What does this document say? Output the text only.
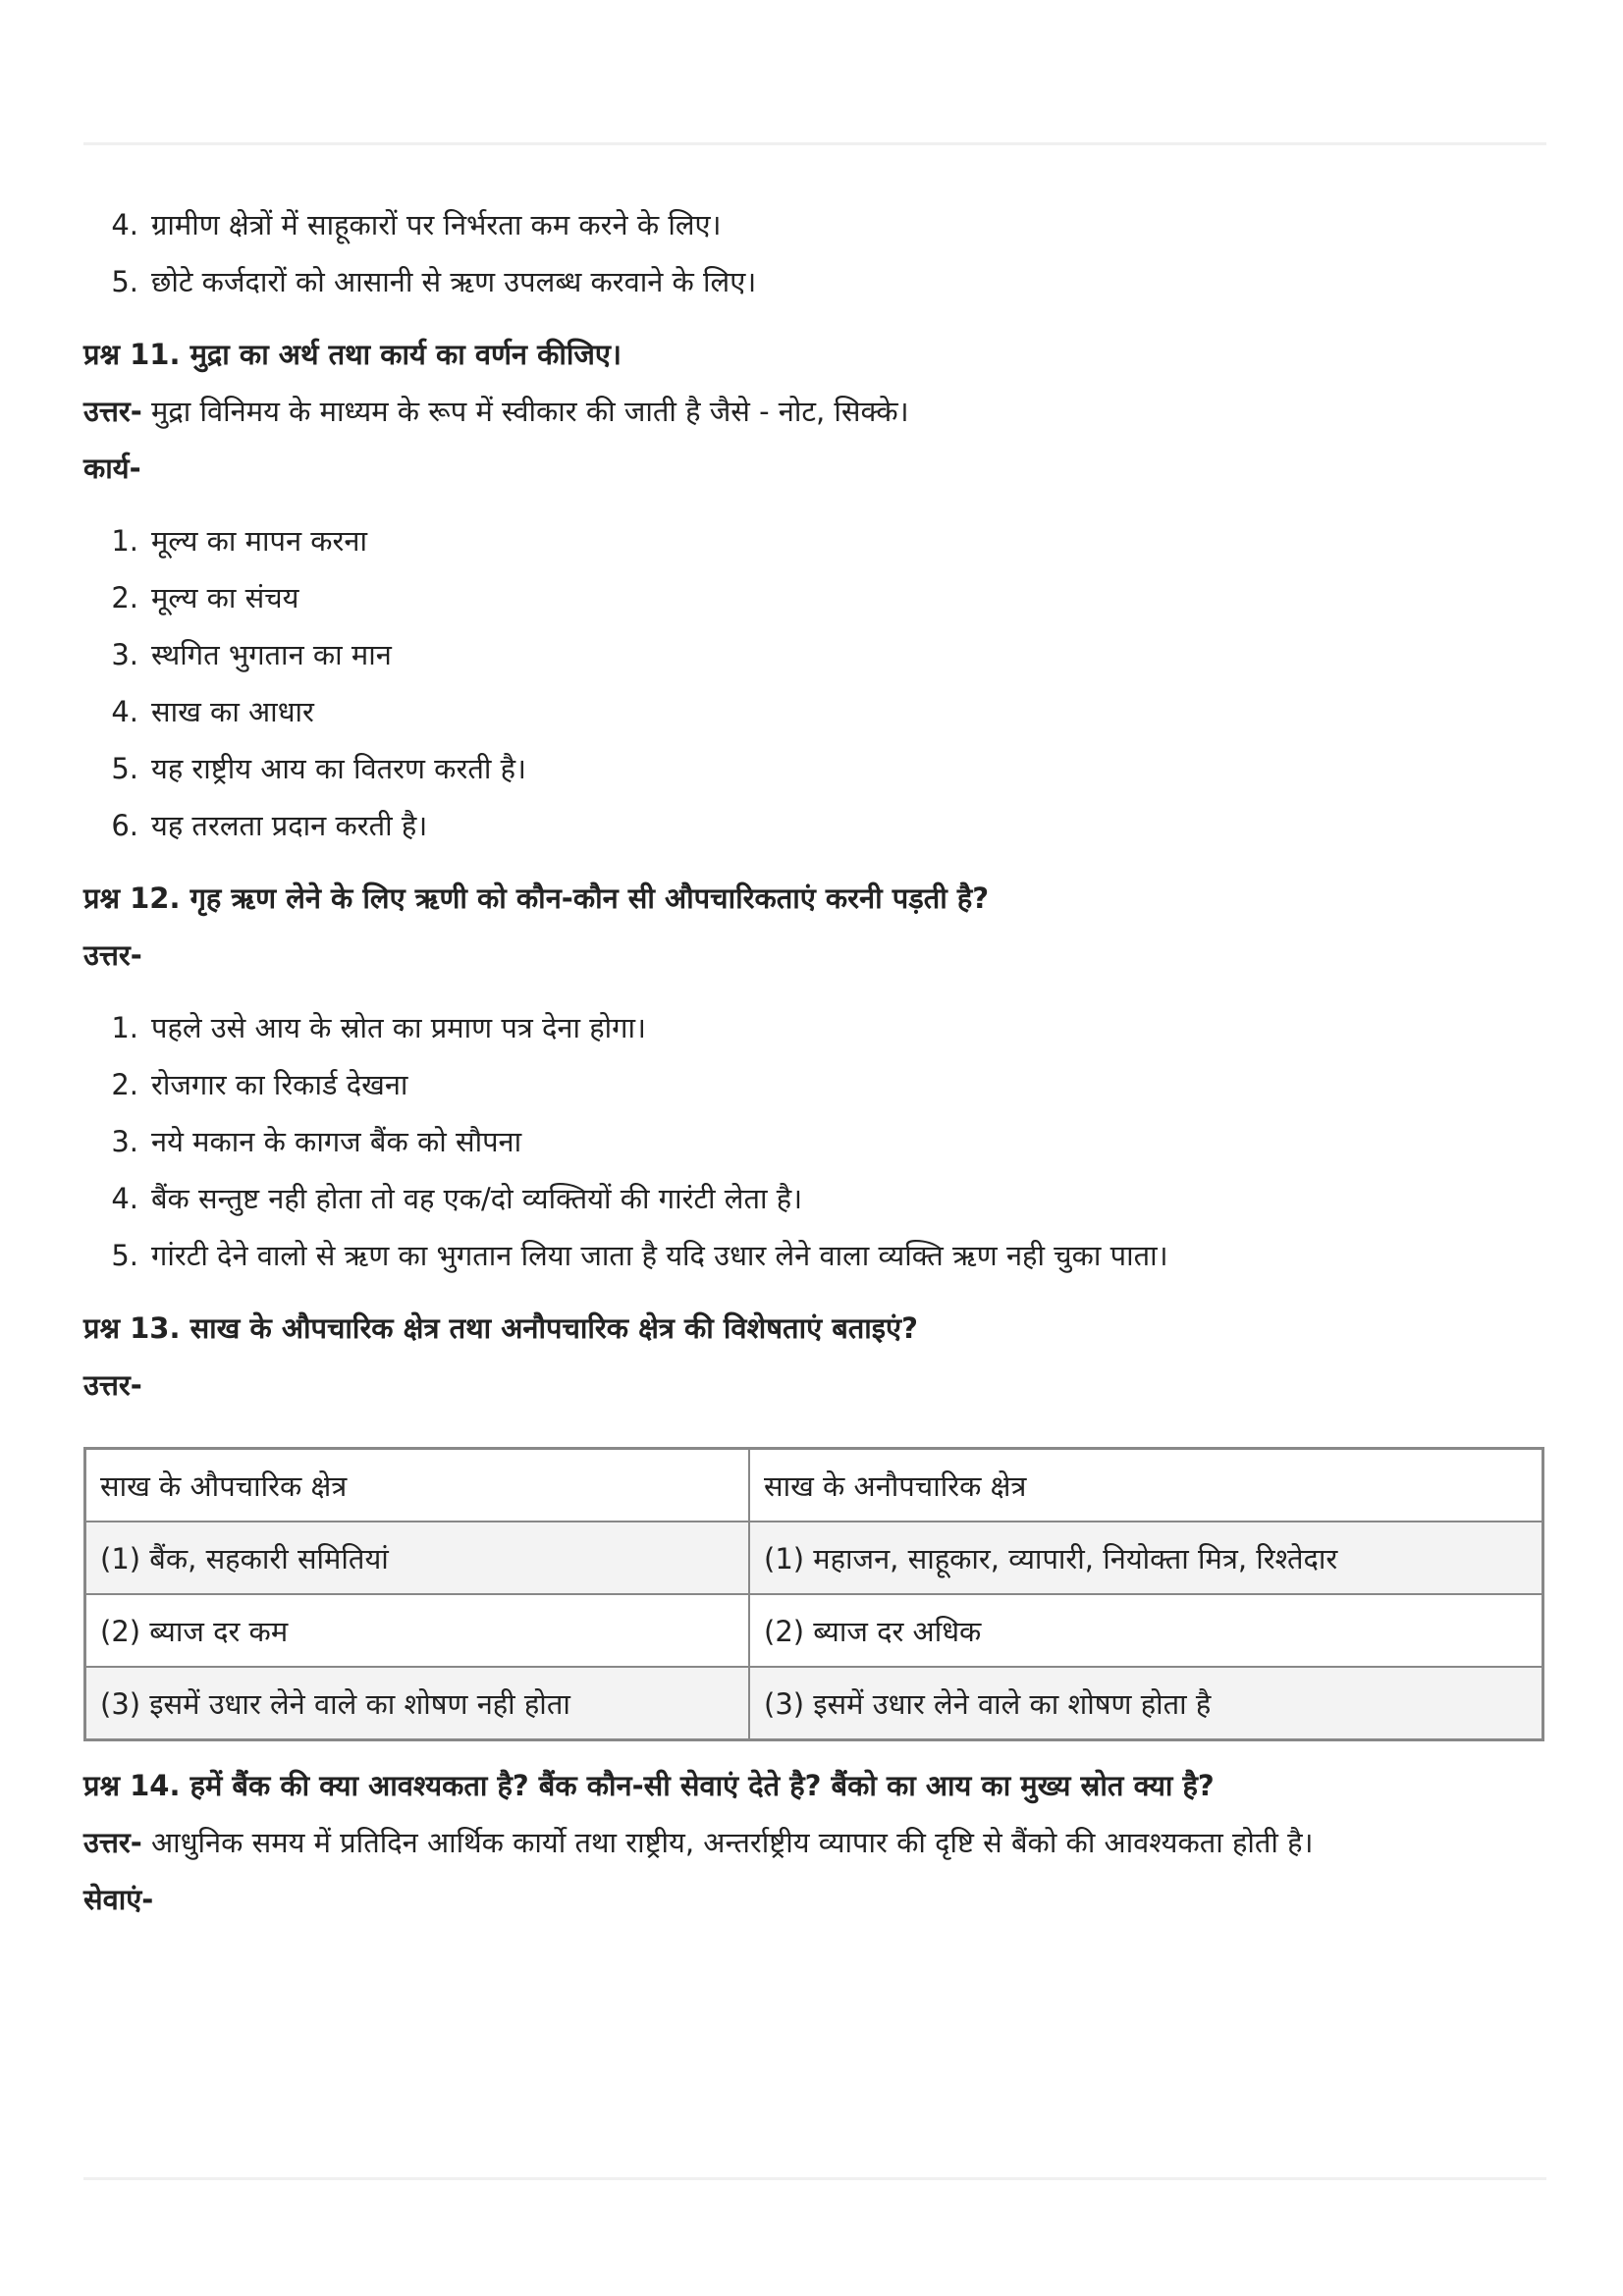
4. ग्रामीण क्षेत्रों में साहूकारों पर निर्भरता कम करने के लिए।
5. छोटे कर्जदारों को आसानी से ऋण उपलब्ध करवाने के लिए।
प्रश्न 11. मुद्रा का अर्थ तथा कार्य का वर्णन कीजिए।
उत्तर- मुद्रा विनिमय के माध्यम के रूप में स्वीकार की जाती है जैसे - नोट, सिक्के।
कार्य-
1. मूल्य का मापन करना
2. मूल्य का संचय
3. स्थगित भुगतान का मान
4. साख का आधार
5. यह राष्ट्रीय आय का वितरण करती है।
6. यह तरलता प्रदान करती है।
प्रश्न 12. गृह ऋण लेने के लिए ऋणी को कौन-कौन सी औपचारिकताएं करनी पड़ती है?
उत्तर-
1. पहले उसे आय के स्रोत का प्रमाण पत्र देना होगा।
2. रोजगार का रिकार्ड देखना
3. नये मकान के कागज बैंक को सौपना
4. बैंक सन्तुष्ट नही होता तो वह एक/दो व्यक्तियों की गारंटी लेता है।
5. गांरटी देने वालो से ऋण का भुगतान लिया जाता है यदि उधार लेने वाला व्यक्ति ऋण नही चुका पाता।
प्रश्न 13. साख के औपचारिक क्षेत्र तथा अनौपचारिक क्षेत्र की विशेषताएं बताइएं?
उत्तर-
साख के औपचारिक क्षेत्र	साख के अनौपचारिक क्षेत्र
(1) बैंक, सहकारी समितियां	(1) महाजन, साहूकार, व्यापारी, नियोक्ता मित्र, रिश्तेदार
(2) ब्याज दर कम	(2) ब्याज दर अधिक
(3) इसमें उधार लेने वाले का शोषण नही होता	(3) इसमें उधार लेने वाले का शोषण होता है
प्रश्न 14. हमें बैंक की क्या आवश्यकता है? बैंक कौन-सी सेवाएं देते है? बैंको का आय का मुख्य स्रोत क्या है?
उत्तर- आधुनिक समय में प्रतिदिन आर्थिक कार्यो तथा राष्ट्रीय, अन्तर्राष्ट्रीय व्यापार की दृष्टि से बैंको की आवश्यकता होती है।
सेवाएं-
